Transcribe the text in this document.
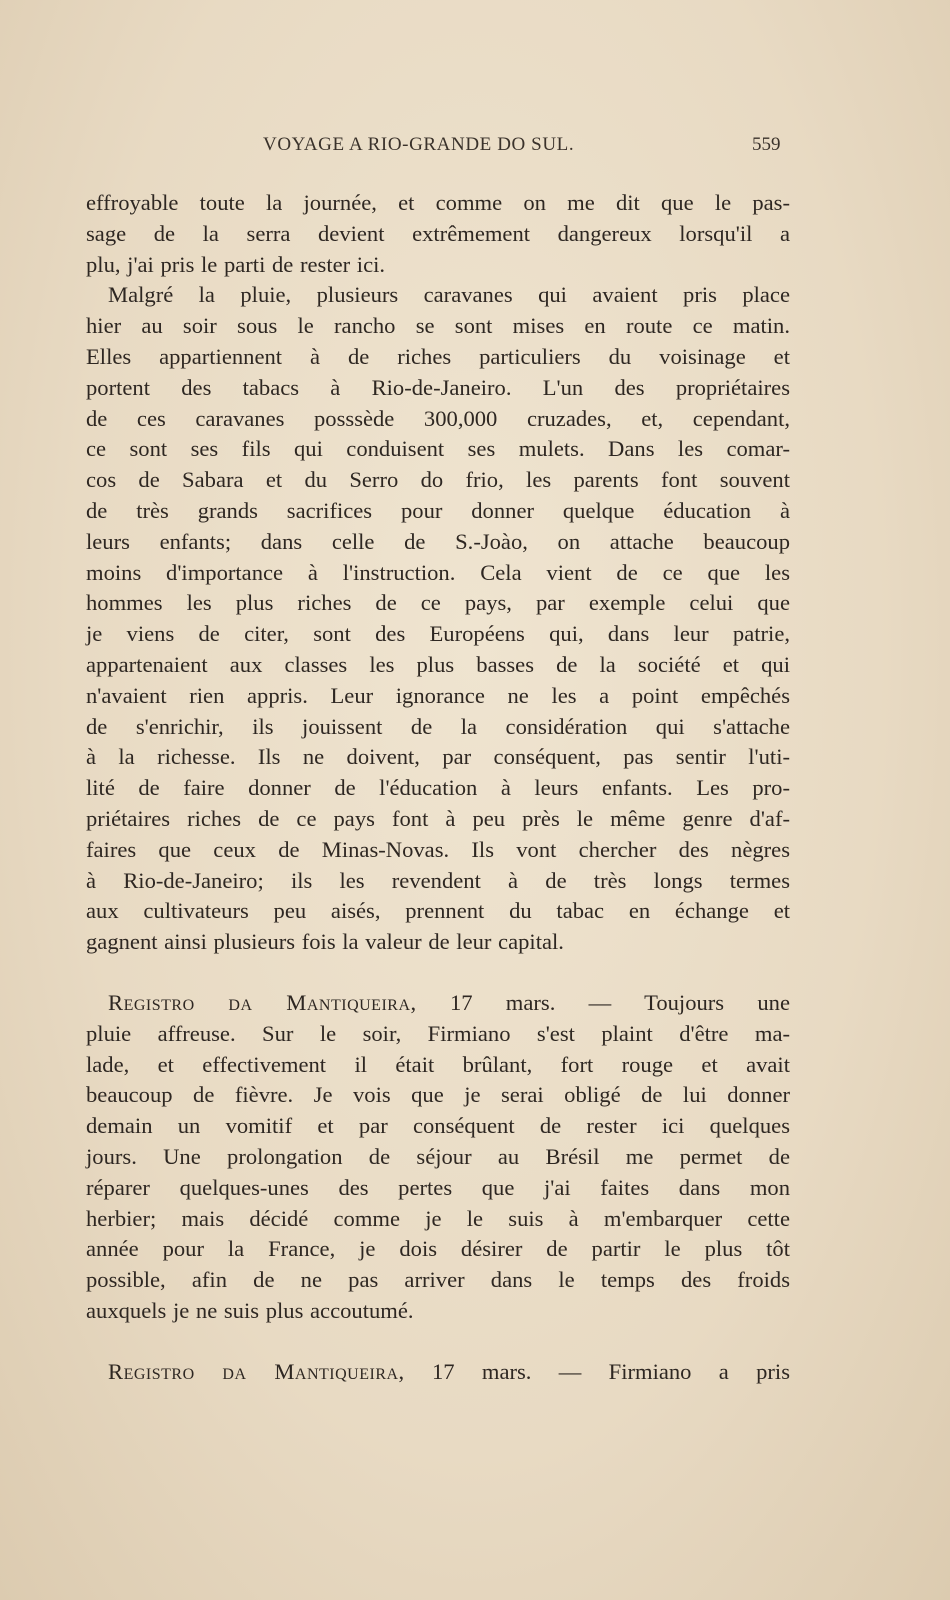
VOYAGE A RIO-GRANDE DO SUL.	559

effroyable toute la journée, et comme on me dit que le pas-
sage de la serra devient extrêmement dangereux lorsqu'il a
plu, j'ai pris le parti de rester ici.

Malgré la pluie, plusieurs caravanes qui avaient pris place
hier au soir sous le rancho se sont mises en route ce matin.
Elles appartiennent à de riches particuliers du voisinage et
portent des tabacs à Rio-de-Janeiro. L'un des propriétaires
de ces caravanes posssède 300,000 cruzades, et, cependant,
ce sont ses fils qui conduisent ses mulets. Dans les comar-
cos de Sabara et du Serro do frio, les parents font souvent
de très grands sacrifices pour donner quelque éducation à
leurs enfants; dans celle de S.-Joào, on attache beaucoup
moins d'importance à l'instruction. Cela vient de ce que les
hommes les plus riches de ce pays, par exemple celui que
je viens de citer, sont des Européens qui, dans leur patrie,
appartenaient aux classes les plus basses de la société et qui
n'avaient rien appris. Leur ignorance ne les a point empêchés
de s'enrichir, ils jouissent de la considération qui s'attache
à la richesse. Ils ne doivent, par conséquent, pas sentir l'uti-
lité de faire donner de l'éducation à leurs enfants. Les pro-
priétaires riches de ce pays font à peu près le même genre d'af-
faires que ceux de Minas-Novas. Ils vont chercher des nègres
à Rio-de-Janeiro; ils les revendent à de très longs termes
aux cultivateurs peu aisés, prennent du tabac en échange et
gagnent ainsi plusieurs fois la valeur de leur capital.

Registro da Mantiqueira, 17 mars. — Toujours une
pluie affreuse. Sur le soir, Firmiano s'est plaint d'être ma-
lade, et effectivement il était brûlant, fort rouge et avait
beaucoup de fièvre. Je vois que je serai obligé de lui donner
demain un vomitif et par conséquent de rester ici quelques
jours. Une prolongation de séjour au Brésil me permet de
réparer quelques-unes des pertes que j'ai faites dans mon
herbier; mais décidé comme je le suis à m'embarquer cette
année pour la France, je dois désirer de partir le plus tôt
possible, afin de ne pas arriver dans le temps des froids
auxquels je ne suis plus accoutumé.

Registro da Mantiqueira, 17 mars. — Firmiano a pris
